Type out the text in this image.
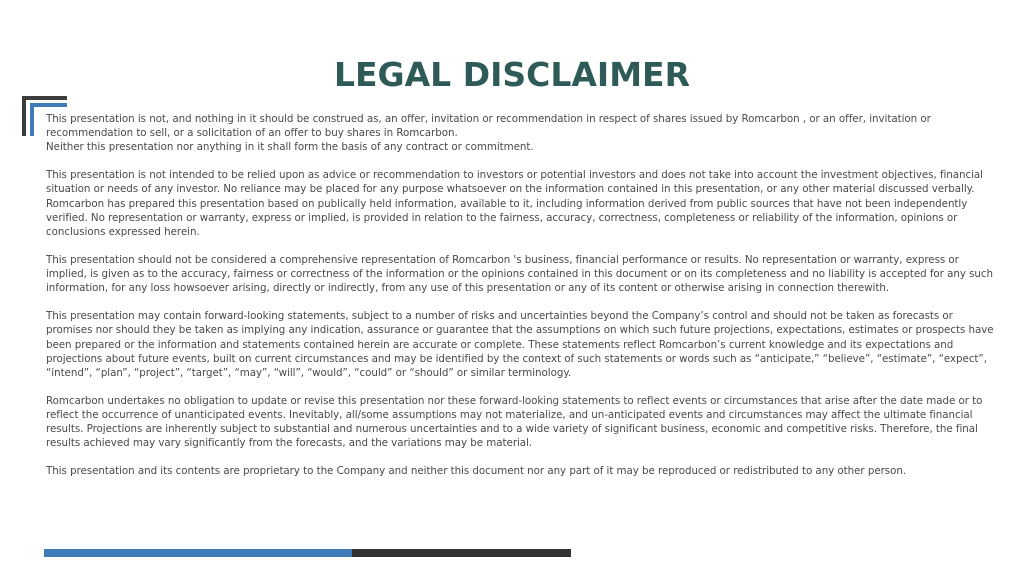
LEGAL DISCLAIMER

This presentation is not, and nothing in it should be construed as, an offer, invitation or recommendation in respect of shares issued by Romcarbon , or an offer, invitation or recommendation to sell, or a solicitation of an offer to buy shares in Romcarbon.

Neither this presentation nor anything in it shall form the basis of any contract or commitment.

This presentation is not intended to be relied upon as advice or recommendation to investors or potential investors and does not take into account the investment objectives, financial situation or needs of any investor. No reliance may be placed for any purpose whatsoever on the information contained in this presentation, or any other material discussed verbally.

Romcarbon has prepared this presentation based on publically held information, available to it, including information derived from public sources that have not been independently verified. No representation or warranty, express or implied, is provided in relation to the fairness, accuracy, correctness, completeness or reliability of the information, opinions or conclusions expressed herein.

This presentation should not be considered a comprehensive representation of Romcarbon 's business, financial performance or results. No representation or warranty, express or implied, is given as to the accuracy, fairness or correctness of the information or the opinions contained in this document or on its completeness and no liability is accepted for any such information, for any loss howsoever arising, directly or indirectly, from any use of this presentation or any of its content or otherwise arising in connection therewith.

This presentation may contain forward-looking statements, subject to a number of risks and uncertainties beyond the Company’s control and should not be taken as forecasts or promises nor should they be taken as implying any indication, assurance or guarantee that the assumptions on which such future projections, expectations, estimates or prospects have been prepared or the information and statements contained herein are accurate or complete. These statements reflect Romcarbon’s current knowledge and its expectations and projections about future events, built on current circumstances and may be identified by the context of such statements or words such as “anticipate,” “believe”, “estimate”, “expect”, “intend”, “plan”, “project”, “target”, “may”, “will”, “would”, “could” or “should” or similar terminology.

Romcarbon undertakes no obligation to update or revise this presentation nor these forward-looking statements to reflect events or circumstances that arise after the date made or to reflect the occurrence of unanticipated events. Inevitably, all/some assumptions may not materialize, and un-anticipated events and circumstances may affect the ultimate financial results. Projections are inherently subject to substantial and numerous uncertainties and to a wide variety of significant business, economic and competitive risks. Therefore, the final results achieved may vary significantly from the forecasts, and the variations may be material.

This presentation and its contents are proprietary to the Company and neither this document nor any part of it may be reproduced or redistributed to any other person.
